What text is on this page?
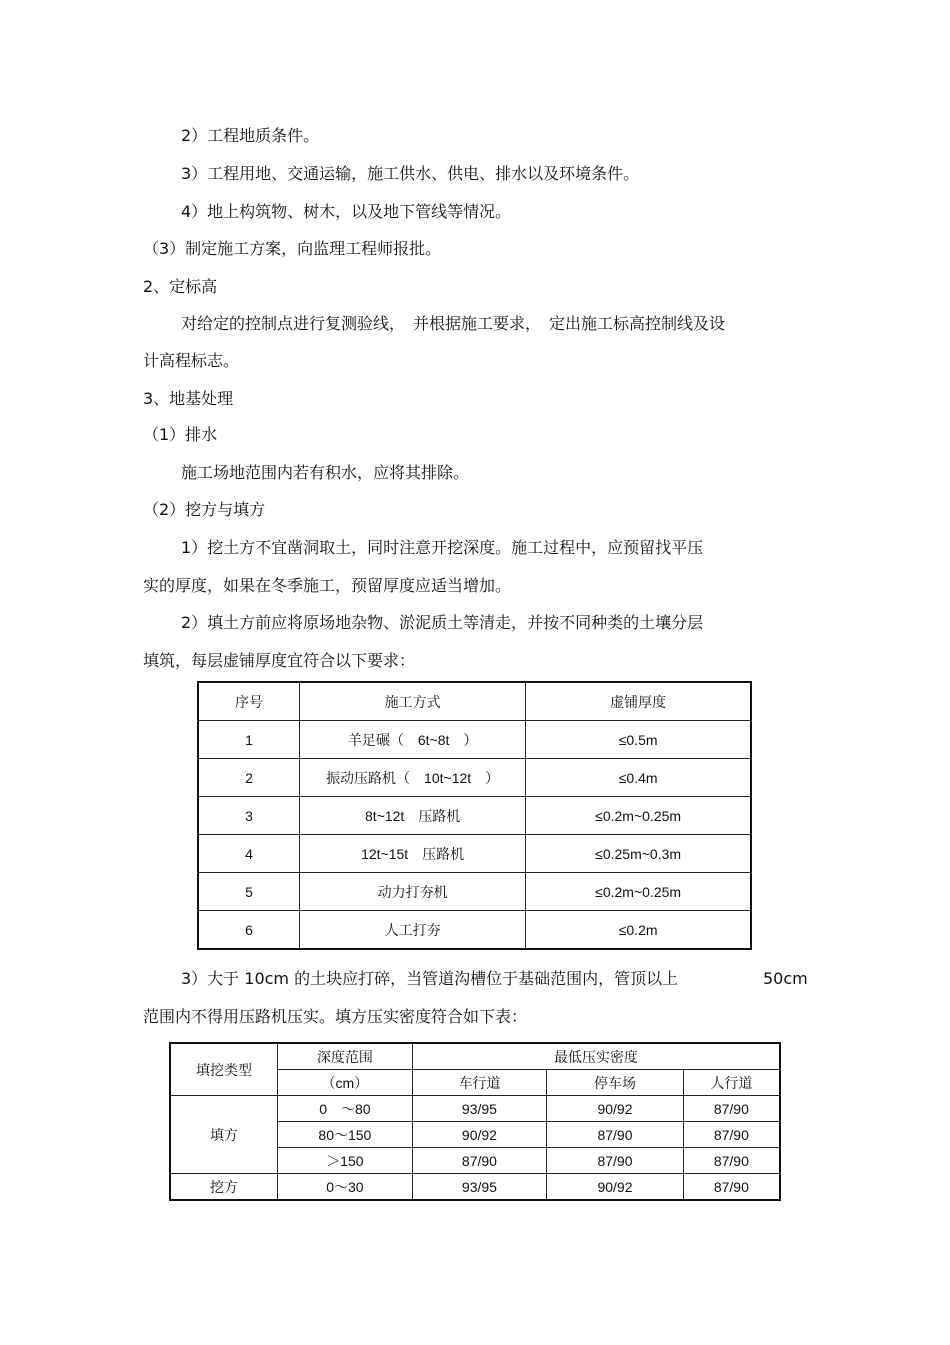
2）工程地质条件。
3）工程用地、交通运输，施工供水、供电、排水以及环境条件。
4）地上构筑物、树木，以及地下管线等情况。
（3）制定施工方案，向监理工程师报批。
2、定标高
对给定的控制点进行复测验线，　并根据施工要求，　定出施工标高控制线及设
计高程标志。
3、地基处理
（1）排水
施工场地范围内若有积水，应将其排除。
（2）挖方与填方
1）挖土方不宜凿洞取土，同时注意开挖深度。施工过程中，应预留找平压
实的厚度，如果在冬季施工，预留厚度应适当增加。
2）填土方前应将原场地杂物、淤泥质土等清走，并按不同种类的土壤分层
填筑，每层虚铺厚度宜符合以下要求：
序号	施工方式	虚铺厚度
1	羊足碾（　6t~8t　）	≤0.5m
2	振动压路机（　10t~12t　）	≤0.4m
3	8t~12t　压路机	≤0.2m~0.25m
4	12t~15t　压路机	≤0.25m~0.3m
5	动力打夯机	≤0.2m~0.25m
6	人工打夯	≤0.2m
3）大于 10cm 的土块应打碎，当管道沟槽位于基础范围内，管顶以上	50cm
范围内不得用压路机压实。填方压实密度符合如下表：
填挖类型	深度范围	最低压实密度		
	（cm）	车行道	停车场	人行道
填方	0　～80	93/95	90/92	87/90
	80～150	90/92	87/90	87/90
	＞150	87/90	87/90	87/90
挖方	0～30	93/95	90/92	87/90
